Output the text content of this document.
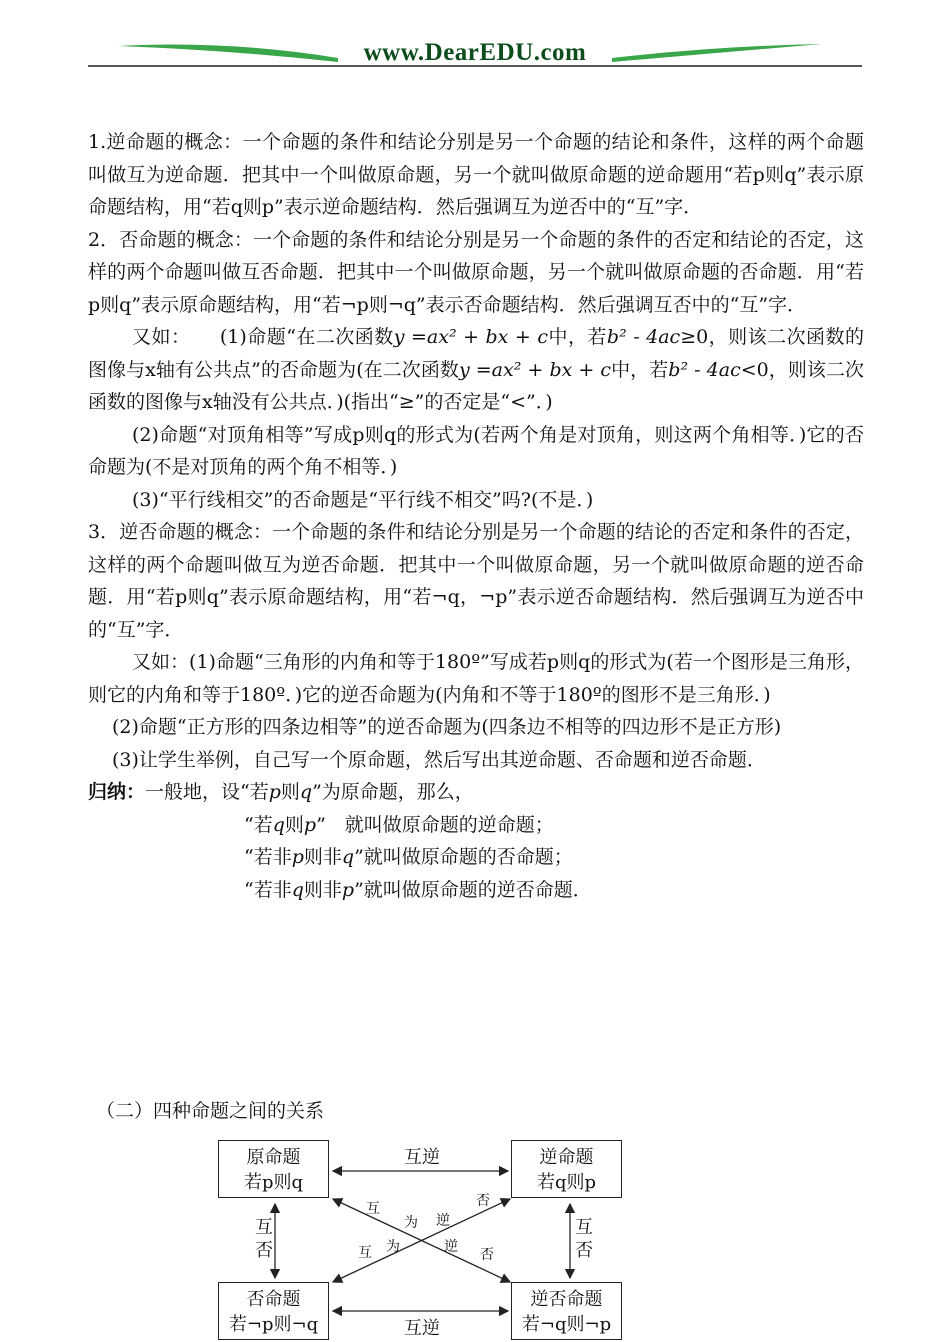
www.DearEDU.com

1.逆命题的概念：一个命题的条件和结论分别是另一个命题的结论和条件，这样的两个命题叫做互为逆命题．把其中一个叫做原命题，另一个就叫做原命题的逆命题用“若p则q”表示原命题结构，用“若q则p”表示逆命题结构．然后强调互为逆否中的“互”字．

2．否命题的概念：一个命题的条件和结论分别是另一个命题的条件的否定和结论的否定，这样的两个命题叫做互否命题．把其中一个叫做原命题，另一个就叫做原命题的否命题．用“若p则q”表示原命题结构，用“若¬p则¬q”表示否命题结构．然后强调互否中的“互”字．

又如：　　(1)命题“在二次函数y =ax² + bx + c中，若b² - 4ac≥0，则该二次函数的图像与x轴有公共点”的否命题为(在二次函数y =ax² + bx + c中，若b² - 4ac<0，则该二次函数的图像与x轴没有公共点．)(指出“≥”的否定是“<”．)

(2)命题“对顶角相等”写成p则q的形式为(若两个角是对顶角，则这两个角相等．)它的否命题为(不是对顶角的两个角不相等．)

(3)“平行线相交”的否命题是“平行线不相交”吗?(不是．)

3．逆否命题的概念：一个命题的条件和结论分别是另一个命题的结论的否定和条件的否定，这样的两个命题叫做互为逆否命题．把其中一个叫做原命题，另一个就叫做原命题的逆否命题．用“若p则q”表示原命题结构，用“若¬q，¬p”表示逆否命题结构．然后强调互为逆否中的“互”字．

又如：(1)命题“三角形的内角和等于180º”写成若p则q的形式为(若一个图形是三角形，则它的内角和等于180º．)它的逆否命题为(内角和不等于180º的图形不是三角形．)

(2)命题“正方形的四条边相等”的逆否命题为(四条边不相等的四边形不是正方形)

(3)让学生举例，自己写一个原命题，然后写出其逆命题、否命题和逆否命题．

归纳：一般地，设“若p则q”为原命题，那么，

“若q则p”　就叫做原命题的逆命题；

“若非p则非q”就叫做原命题的否命题；

“若非q则非p”就叫做原命题的逆否命题．

（二）四种命题之间的关系
原命题
若p则q
逆命题
若q则p
否命题
若¬p则¬q
逆否命题
若¬q则¬p
互逆
互逆
互否
互否
互
为 逆
否
互 为	逆 否
